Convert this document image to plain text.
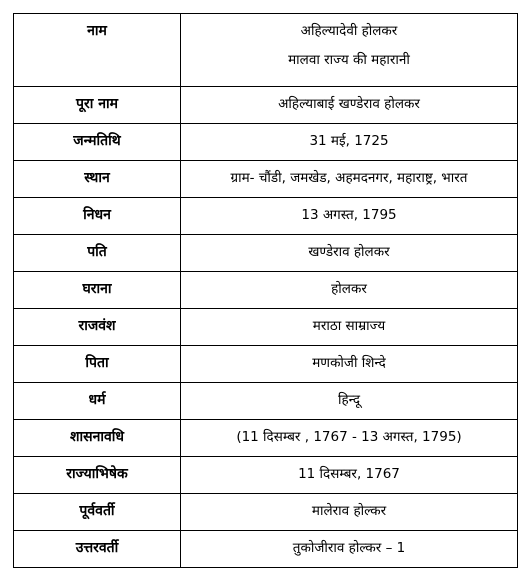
नाम	अहिल्यादेवी होलकर
मालवा राज्य की महारानी

पूरा नाम	अहिल्याबाई खण्डेराव होलकर

जन्मतिथि	31 मई, 1725

स्थान	ग्राम- चौंडी, जमखेड, अहमदनगर, महाराष्ट्र, भारत

निधन	13 अगस्त, 1795

पति	खण्डेराव होलकर

घराना	होलकर

राजवंश	मराठा साम्राज्य

पिता	मणकोजी शिन्दे

धर्म	हिन्दू

शासनावधि	(11 दिसम्बर , 1767 - 13 अगस्त, 1795)

राज्याभिषेक	11 दिसम्बर, 1767

पूर्ववर्ती	मालेराव होल्कर

उत्तरवर्ती	तुकोजीराव होल्कर – 1
